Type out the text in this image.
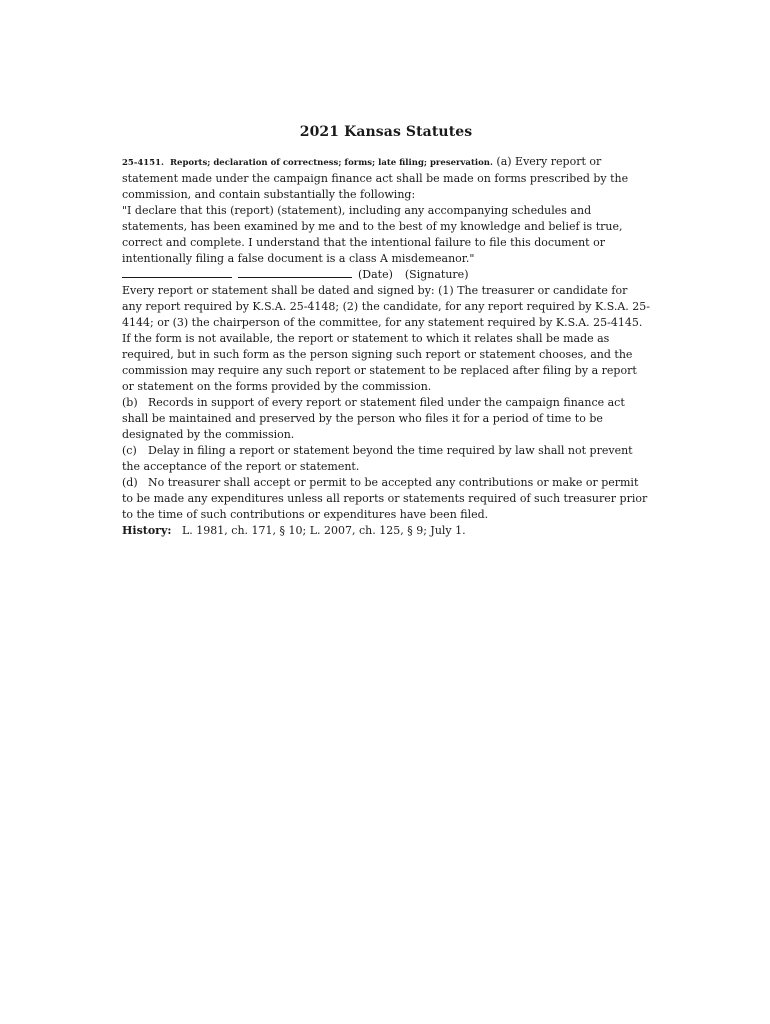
2021 Kansas Statutes

25-4151. Reports; declaration of correctness; forms; late filing; preservation. (a) Every report or statement made under the campaign finance act shall be made on forms prescribed by the commission, and contain substantially the following:

"I declare that this (report) (statement), including any accompanying schedules and statements, has been examined by me and to the best of my knowledge and belief is true, correct and complete. I understand that the intentional failure to file this document or intentionally filing a false document is a class A misdemeanor."

(Date) (Signature)

Every report or statement shall be dated and signed by: (1) The treasurer or candidate for any report required by K.S.A. 25-4148; (2) the candidate, for any report required by K.S.A. 25-4144; or (3) the chairperson of the committee, for any statement required by K.S.A. 25-4145. If the form is not available, the report or statement to which it relates shall be made as required, but in such form as the person signing such report or statement chooses, and the commission may require any such report or statement to be replaced after filing by a report or statement on the forms provided by the commission.

(b) Records in support of every report or statement filed under the campaign finance act shall be maintained and preserved by the person who files it for a period of time to be designated by the commission.

(c) Delay in filing a report or statement beyond the time required by law shall not prevent the acceptance of the report or statement.

(d) No treasurer shall accept or permit to be accepted any contributions or make or permit to be made any expenditures unless all reports or statements required of such treasurer prior to the time of such contributions or expenditures have been filed.

History: L. 1981, ch. 171, § 10; L. 2007, ch. 125, § 9; July 1.
